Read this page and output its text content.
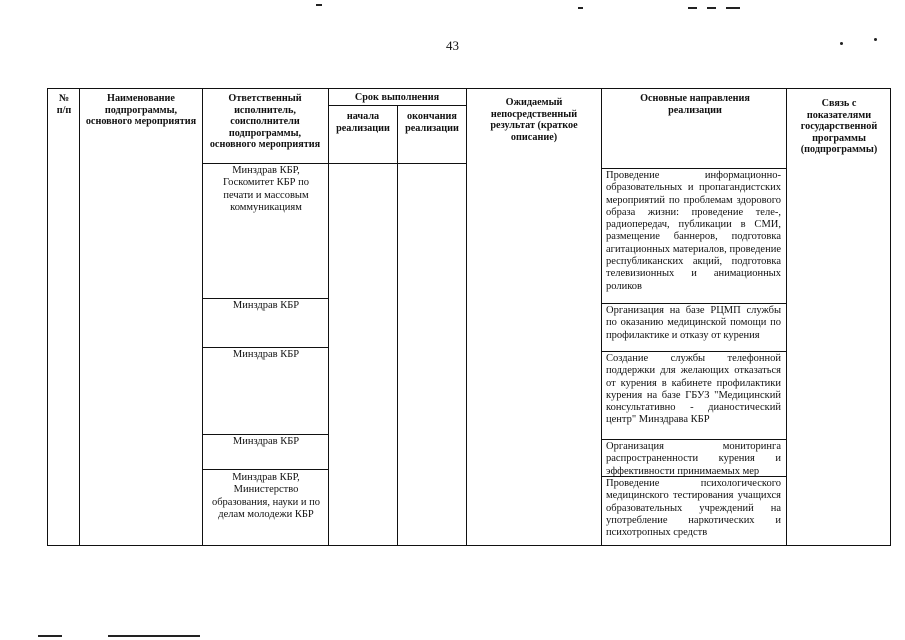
43
№ п/п
Наименование подпрограммы, основного мероприятия
Ответственный исполнитель, соисполнители подпрограммы, основного мероприятия
Срок выполнения
начала реализации
окончания реализации
Ожидаемый непосредственный результат (краткое описание)
Основные направления реализации
Связь с показателями государственной программы (подпрограммы)
Минздрав КБР, Госкомитет КБР по печати и массовым коммуникациям
Минздрав КБР
Минздрав КБР
Минздрав КБР
Минздрав КБР, Министерство образования, науки и по делам молодежи КБР
Проведение информационно-образовательных и пропагандистских мероприятий по проблемам здорового образа жизни: проведение теле-, радиопередач, публикации в СМИ, размещение баннеров, подготовка агитационных материалов, проведение республиканских акций, подготовка телевизионных и анимационных роликов
Организация на базе РЦМП службы по оказанию медицинской помощи по профилактике и отказу от курения
Создание службы телефонной поддержки для желающих отказаться от курения в кабинете профилактики курения на базе ГБУЗ "Медицинский консультативно - дианостический центр" Минздрава КБР
Организация мониторинга распространенности курения и эффективности принимаемых мер
Проведение психологического медицинского тестирования учащихся образовательных учреждений на употребление наркотических и психотропных средств
